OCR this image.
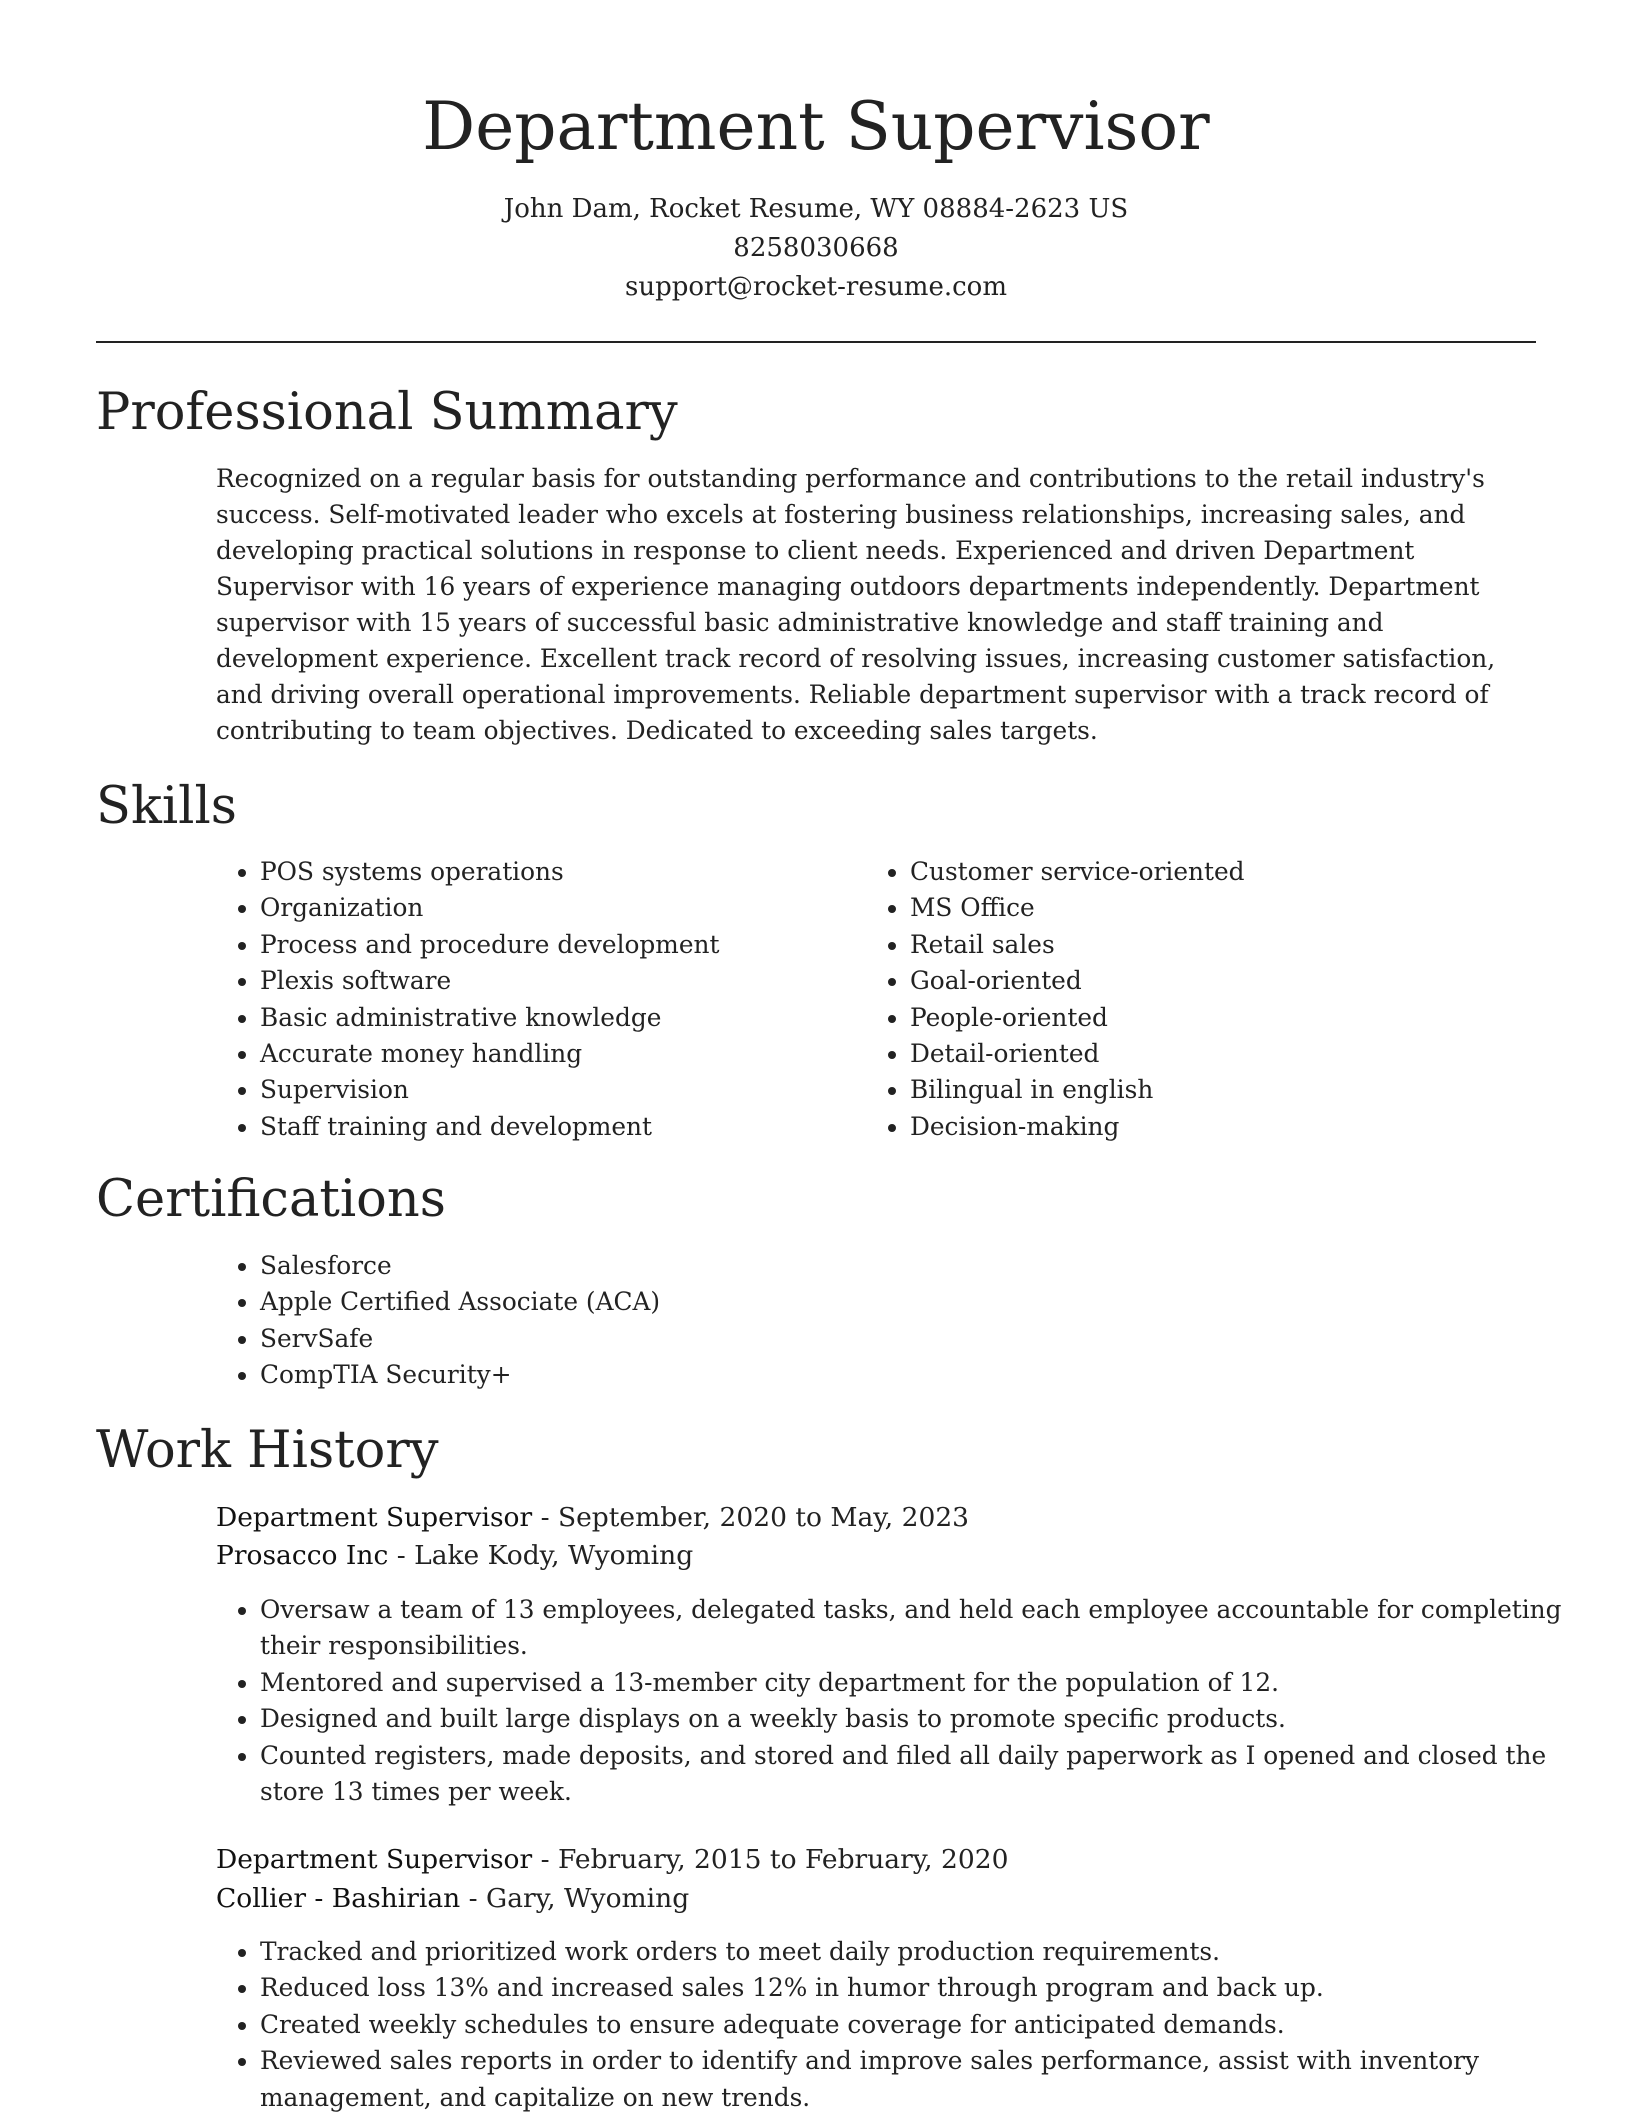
Department Supervisor
John Dam, Rocket Resume, WY 08884-2623 US
8258030668
support@rocket-resume.com
Professional Summary
Recognized on a regular basis for outstanding performance and contributions to the retail industry's success. Self-motivated leader who excels at fostering business relationships, increasing sales, and developing practical solutions in response to client needs. Experienced and driven Department Supervisor with 16 years of experience managing outdoors departments independently. Department supervisor with 15 years of successful basic administrative knowledge and staff training and development experience. Excellent track record of resolving issues, increasing customer satisfaction, and driving overall operational improvements. Reliable department supervisor with a track record of contributing to team objectives. Dedicated to exceeding sales targets.
Skills
• POS systems operations
• Organization
• Process and procedure development
• Plexis software
• Basic administrative knowledge
• Accurate money handling
• Supervision
• Staff training and development
• Customer service-oriented
• MS Office
• Retail sales
• Goal-oriented
• People-oriented
• Detail-oriented
• Bilingual in english
• Decision-making
Certifications
• Salesforce
• Apple Certified Associate (ACA)
• ServSafe
• CompTIA Security+
Work History
Department Supervisor - September, 2020 to May, 2023
Prosacco Inc - Lake Kody, Wyoming
• Oversaw a team of 13 employees, delegated tasks, and held each employee accountable for completing their responsibilities.
• Mentored and supervised a 13-member city department for the population of 12.
• Designed and built large displays on a weekly basis to promote specific products.
• Counted registers, made deposits, and stored and filed all daily paperwork as I opened and closed the store 13 times per week.
Department Supervisor - February, 2015 to February, 2020
Collier - Bashirian - Gary, Wyoming
• Tracked and prioritized work orders to meet daily production requirements.
• Reduced loss 13% and increased sales 12% in humor through program and back up.
• Created weekly schedules to ensure adequate coverage for anticipated demands.
• Reviewed sales reports in order to identify and improve sales performance, assist with inventory management, and capitalize on new trends.
